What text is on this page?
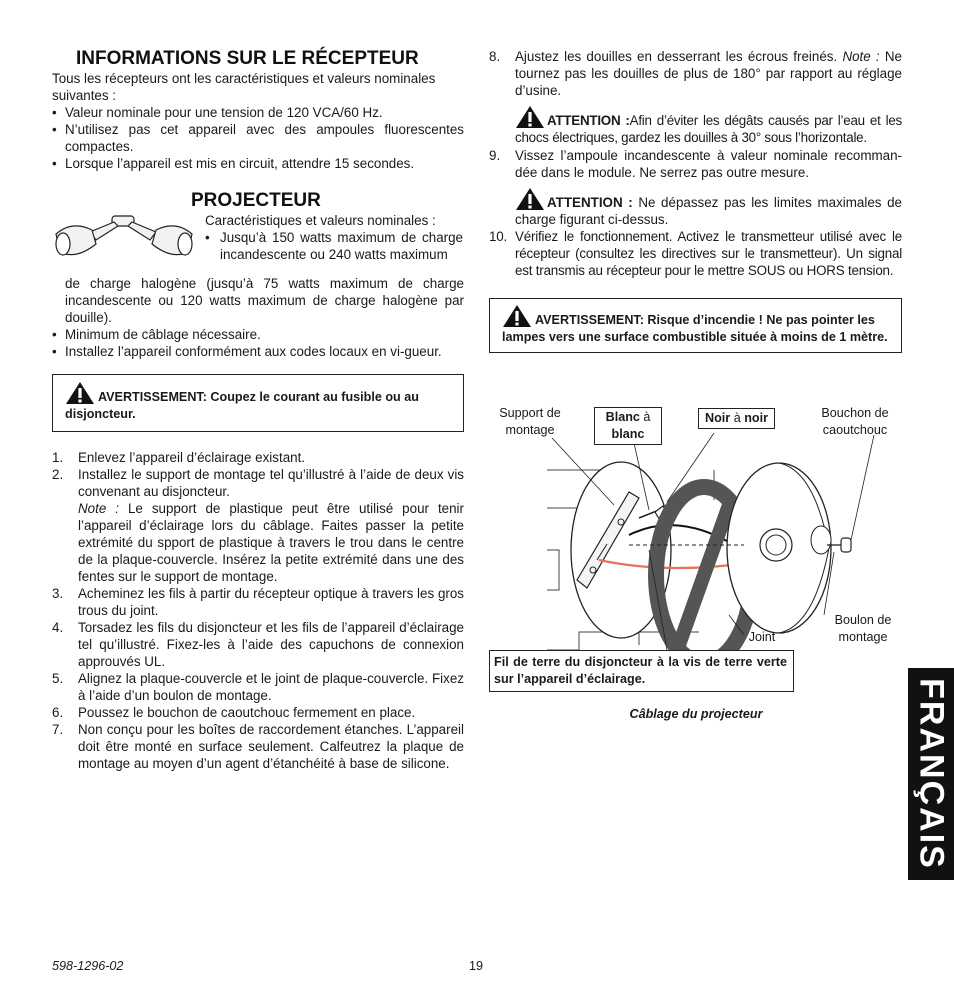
INFORMATIONS SUR LE RÉCEPTEUR

Tous les récepteurs ont les caractéristiques et valeurs nominales suivantes :

• Valeur nominale pour une tension de 120 VCA/60 Hz.
• N’utilisez pas cet appareil avec des ampoules fluorescentes compactes.
• Lorsque l’appareil est mis en circuit, attendre 15 secondes.
PROJECTEUR

Caractéristiques et valeurs nominales :

• Jusqu’à 150 watts maximum de charge incandescente ou 240 watts maximum

de charge halogène (jusqu’à 75 watts maximum de charge incandescente ou 120 watts maximum de charge halogène par douille).

• Minimum de câblage nécessaire.
• Installez l’appareil conformément aux codes locaux en vi-gueur.
AVERTISSEMENT: Coupez le courant au fusible ou au disjoncteur.
1. Enlevez l’appareil d’éclairage existant.
2. Installez le support de montage tel qu’illustré à l’aide de deux vis convenant au disjoncteur.
Note : Le support de plastique peut être utilisé pour tenir l’appareil d’éclairage lors du câblage. Faites passer la petite extrémité du spport de plastique à travers le trou dans le centre de la plaque-couvercle. Insérez la petite extrémité dans une des fentes sur le support de montage.
3. Acheminez les fils à partir du récepteur optique à travers les gros trous du joint.
4. Torsadez les fils du disjoncteur et les fils de l’appareil d’éclairage tel qu’illustré. Fixez-les à l’aide des capuchons de connexion approuvés UL.
5. Alignez la plaque-couvercle et le joint de plaque-couvercle. Fixez à l’aide d’un boulon de montage.
6. Poussez le bouchon de caoutchouc fermement en place.
7. Non conçu pour les boîtes de raccordement étanches. L’appareil doit être monté en surface seulement. Calfeutrez la plaque de montage au moyen d’un agent d’étanchéité à base de silicone.
8. Ajustez les douilles en desserrant les écrous freinés. Note : Ne tournez pas les douilles de plus de 180° par rapport au réglage d’usine.

ATTENTION :Afin d’éviter les dégâts causés par l’eau et les chocs électriques, gardez les douilles à 30° sous l’horizontale.

9. Vissez l’ampoule incandescente à valeur nominale recomman-dée dans le module. Ne serrez pas outre mesure.

ATTENTION : Ne dépassez pas les limites maximales de charge figurant ci-dessus.

10. Vérifiez le fonctionnement. Activez le transmetteur utilisé avec le récepteur (consultez les directives sur le transmetteur). Un signal est transmis au récepteur pour le mettre SOUS ou HORS tension.
AVERTISSEMENT: Risque d’incendie ! Ne pas pointer les lampes vers une surface combustible située à moins de 1 mètre.
Support de montage
Blanc à
blanc
Noir à noir	Bouchon de caoutchouc
Boulon de montage
Joint
Fil de terre du disjoncteur à la vis de terre verte sur l’appareil d’éclairage.
Câblage du projecteur	FRANÇAIS
598-1296-02	19
